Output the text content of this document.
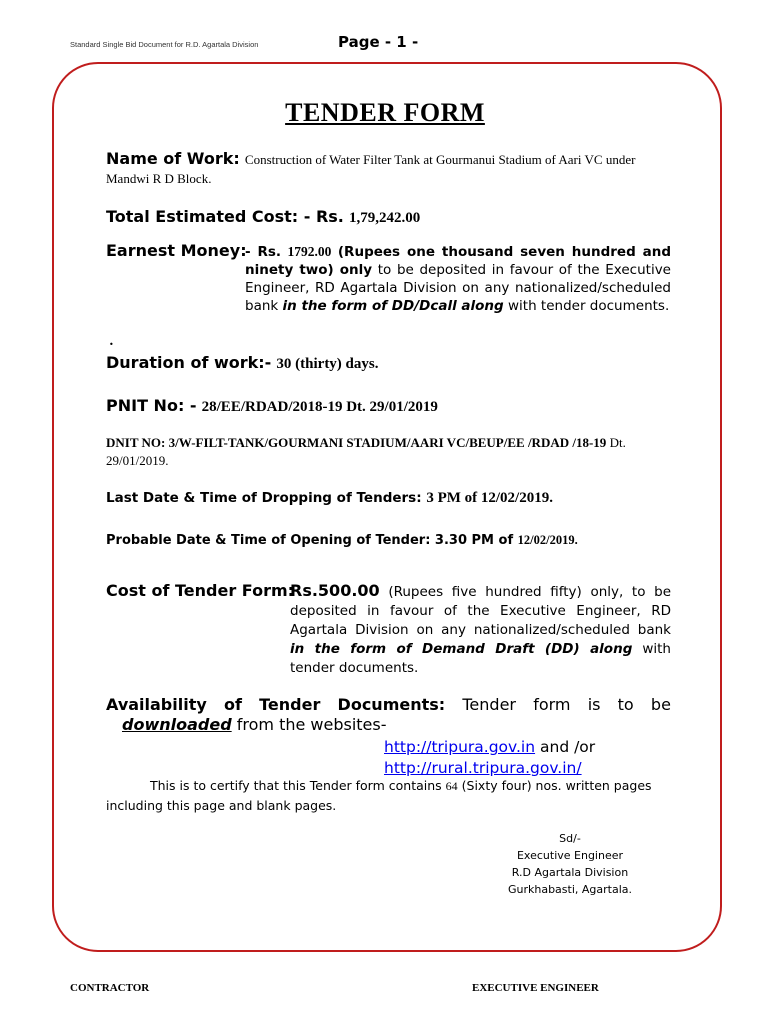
Standard Single Bid Document for R.D. Agartala Division	Page - 1 -
TENDER FORM
Name of Work: Construction of Water Filter Tank at Gourmanui Stadium of Aari VC under Mandwi R D Block.
Total Estimated Cost: - Rs. 1,79,242.00
Earnest Money:
- Rs. 1792.00 (Rupees one thousand seven hundred and ninety two) only to be deposited in favour of the Executive Engineer, RD Agartala Division on any nationalized/scheduled bank in the form of DD/Dcall along with tender documents.
•
Duration of work:- 30 (thirty) days.
PNIT No: - 28/EE/RDAD/2018-19 Dt. 29/01/2019
DNIT NO: 3/W-FILT-TANK/GOURMANI STADIUM/AARI VC/BEUP/EE /RDAD /18-19 Dt. 29/01/2019.
Last Date & Time of Dropping of Tenders: 3 PM of 12/02/2019.
Probable Date & Time of Opening of Tender: 3.30 PM of 12/02/2019.
Cost of Tender Form:
Rs.500.00 (Rupees five hundred fifty) only, to be deposited in favour of the Executive Engineer, RD Agartala Division on any nationalized/scheduled bank in the form of Demand Draft (DD) along with tender documents.
Availability of Tender Documents: Tender form is to be
downloaded from the websites-
http://tripura.gov.in and /or
http://rural.tripura.gov.in/
This is to certify that this Tender form contains 64 (Sixty four) nos. written pages including this page and blank pages.
Sd/-
Executive Engineer
R.D Agartala Division
Gurkhabasti, Agartala.
CONTRACTOR	EXECUTIVE ENGINEER
